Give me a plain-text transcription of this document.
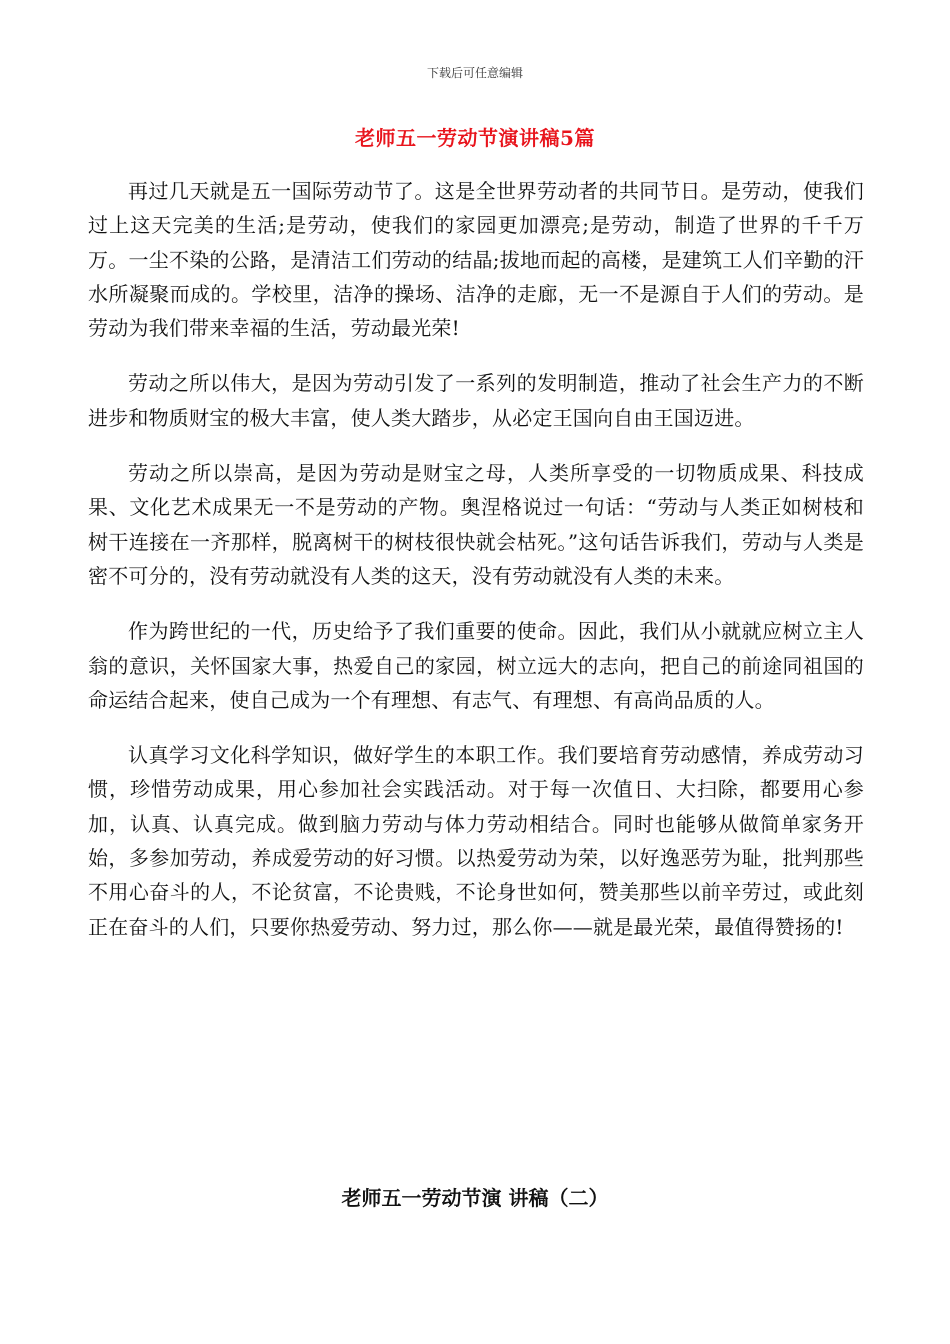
下载后可任意编辑
老师五一劳动节演讲稿5篇

再过几天就是五一国际劳动节了。这是全世界劳动者的共同节日。是劳动，使我们过上这天完美的生活;是劳动，使我们的家园更加漂亮;是劳动，制造了世界的千千万万。一尘不染的公路，是清洁工们劳动的结晶;拔地而起的高楼，是建筑工人们辛勤的汗水所凝聚而成的。学校里，洁净的操场、洁净的走廊，无一不是源自于人们的劳动。是劳动为我们带来幸福的生活，劳动最光荣!

劳动之所以伟大，是因为劳动引发了一系列的发明制造，推动了社会生产力的不断进步和物质财宝的极大丰富，使人类大踏步，从必定王国向自由王国迈进。

劳动之所以崇高，是因为劳动是财宝之母，人类所享受的一切物质成果、科技成果、文化艺术成果无一不是劳动的产物。奥涅格说过一句话：“劳动与人类正如树枝和树干连接在一齐那样，脱离树干的树枝很快就会枯死。”这句话告诉我们，劳动与人类是密不可分的，没有劳动就没有人类的这天，没有劳动就没有人类的未来。

作为跨世纪的一代，历史给予了我们重要的使命。因此，我们从小就就应树立主人翁的意识，关怀国家大事，热爱自己的家园，树立远大的志向，把自己的前途同祖国的命运结合起来，使自己成为一个有理想、有志气、有理想、有高尚品质的人。

认真学习文化科学知识，做好学生的本职工作。我们要培育劳动感情，养成劳动习惯，珍惜劳动成果，用心参加社会实践活动。对于每一次值日、大扫除，都要用心参加，认真、认真完成。做到脑力劳动与体力劳动相结合。同时也能够从做简单家务开始，多参加劳动，养成爱劳动的好习惯。以热爱劳动为荣，以好逸恶劳为耻，批判那些不用心奋斗的人，不论贫富，不论贵贱，不论身世如何，赞美那些以前辛劳过，或此刻正在奋斗的人们，只要你热爱劳动、努力过，那么你——就是最光荣，最值得赞扬的!

老师五一劳动节演 讲稿（二）
